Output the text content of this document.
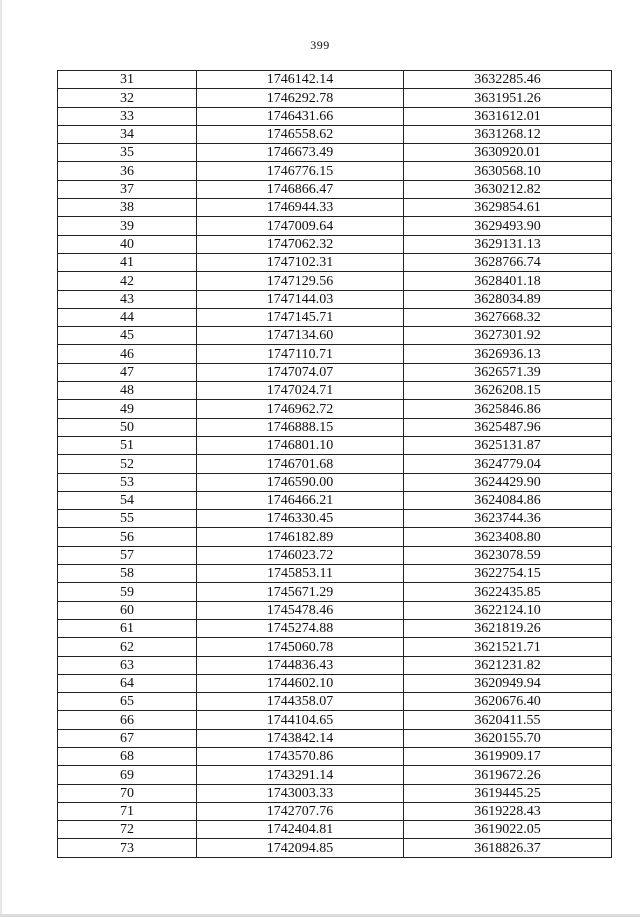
399
31	1746142.14	3632285.46
32	1746292.78	3631951.26
33	1746431.66	3631612.01
34	1746558.62	3631268.12
35	1746673.49	3630920.01
36	1746776.15	3630568.10
37	1746866.47	3630212.82
38	1746944.33	3629854.61
39	1747009.64	3629493.90
40	1747062.32	3629131.13
41	1747102.31	3628766.74
42	1747129.56	3628401.18
43	1747144.03	3628034.89
44	1747145.71	3627668.32
45	1747134.60	3627301.92
46	1747110.71	3626936.13
47	1747074.07	3626571.39
48	1747024.71	3626208.15
49	1746962.72	3625846.86
50	1746888.15	3625487.96
51	1746801.10	3625131.87
52	1746701.68	3624779.04
53	1746590.00	3624429.90
54	1746466.21	3624084.86
55	1746330.45	3623744.36
56	1746182.89	3623408.80
57	1746023.72	3623078.59
58	1745853.11	3622754.15
59	1745671.29	3622435.85
60	1745478.46	3622124.10
61	1745274.88	3621819.26
62	1745060.78	3621521.71
63	1744836.43	3621231.82
64	1744602.10	3620949.94
65	1744358.07	3620676.40
66	1744104.65	3620411.55
67	1743842.14	3620155.70
68	1743570.86	3619909.17
69	1743291.14	3619672.26
70	1743003.33	3619445.25
71	1742707.76	3619228.43
72	1742404.81	3619022.05
73	1742094.85	3618826.37
